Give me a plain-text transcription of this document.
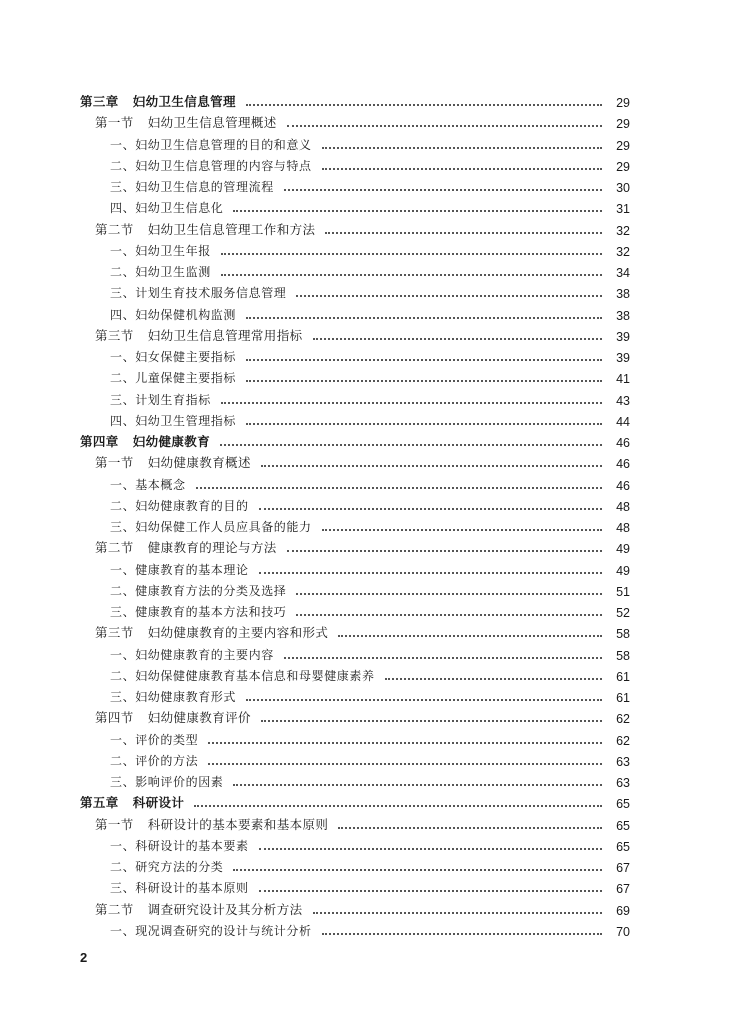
第三章 妇幼卫生信息管理	29
第一节 妇幼卫生信息管理概述	29
一、妇幼卫生信息管理的目的和意义	29
二、妇幼卫生信息管理的内容与特点	29
三、妇幼卫生信息的管理流程	30
四、妇幼卫生信息化	31
第二节 妇幼卫生信息管理工作和方法	32
一、妇幼卫生年报	32
二、妇幼卫生监测	34
三、计划生育技术服务信息管理	38
四、妇幼保健机构监测	38
第三节 妇幼卫生信息管理常用指标	39
一、妇女保健主要指标	39
二、儿童保健主要指标	41
三、计划生育指标	43
四、妇幼卫生管理指标	44
第四章 妇幼健康教育	46
第一节 妇幼健康教育概述	46
一、基本概念	46
二、妇幼健康教育的目的	48
三、妇幼保健工作人员应具备的能力	48
第二节 健康教育的理论与方法	49
一、健康教育的基本理论	49
二、健康教育方法的分类及选择	51
三、健康教育的基本方法和技巧	52
第三节 妇幼健康教育的主要内容和形式	58
一、妇幼健康教育的主要内容	58
二、妇幼保健健康教育基本信息和母婴健康素养	61
三、妇幼健康教育形式	61
第四节 妇幼健康教育评价	62
一、评价的类型	62
二、评价的方法	63
三、影响评价的因素	63
第五章 科研设计	65
第一节 科研设计的基本要素和基本原则	65
一、科研设计的基本要素	65
二、研究方法的分类	67
三、科研设计的基本原则	67
第二节 调查研究设计及其分析方法	69
一、现况调查研究的设计与统计分析	70
2
